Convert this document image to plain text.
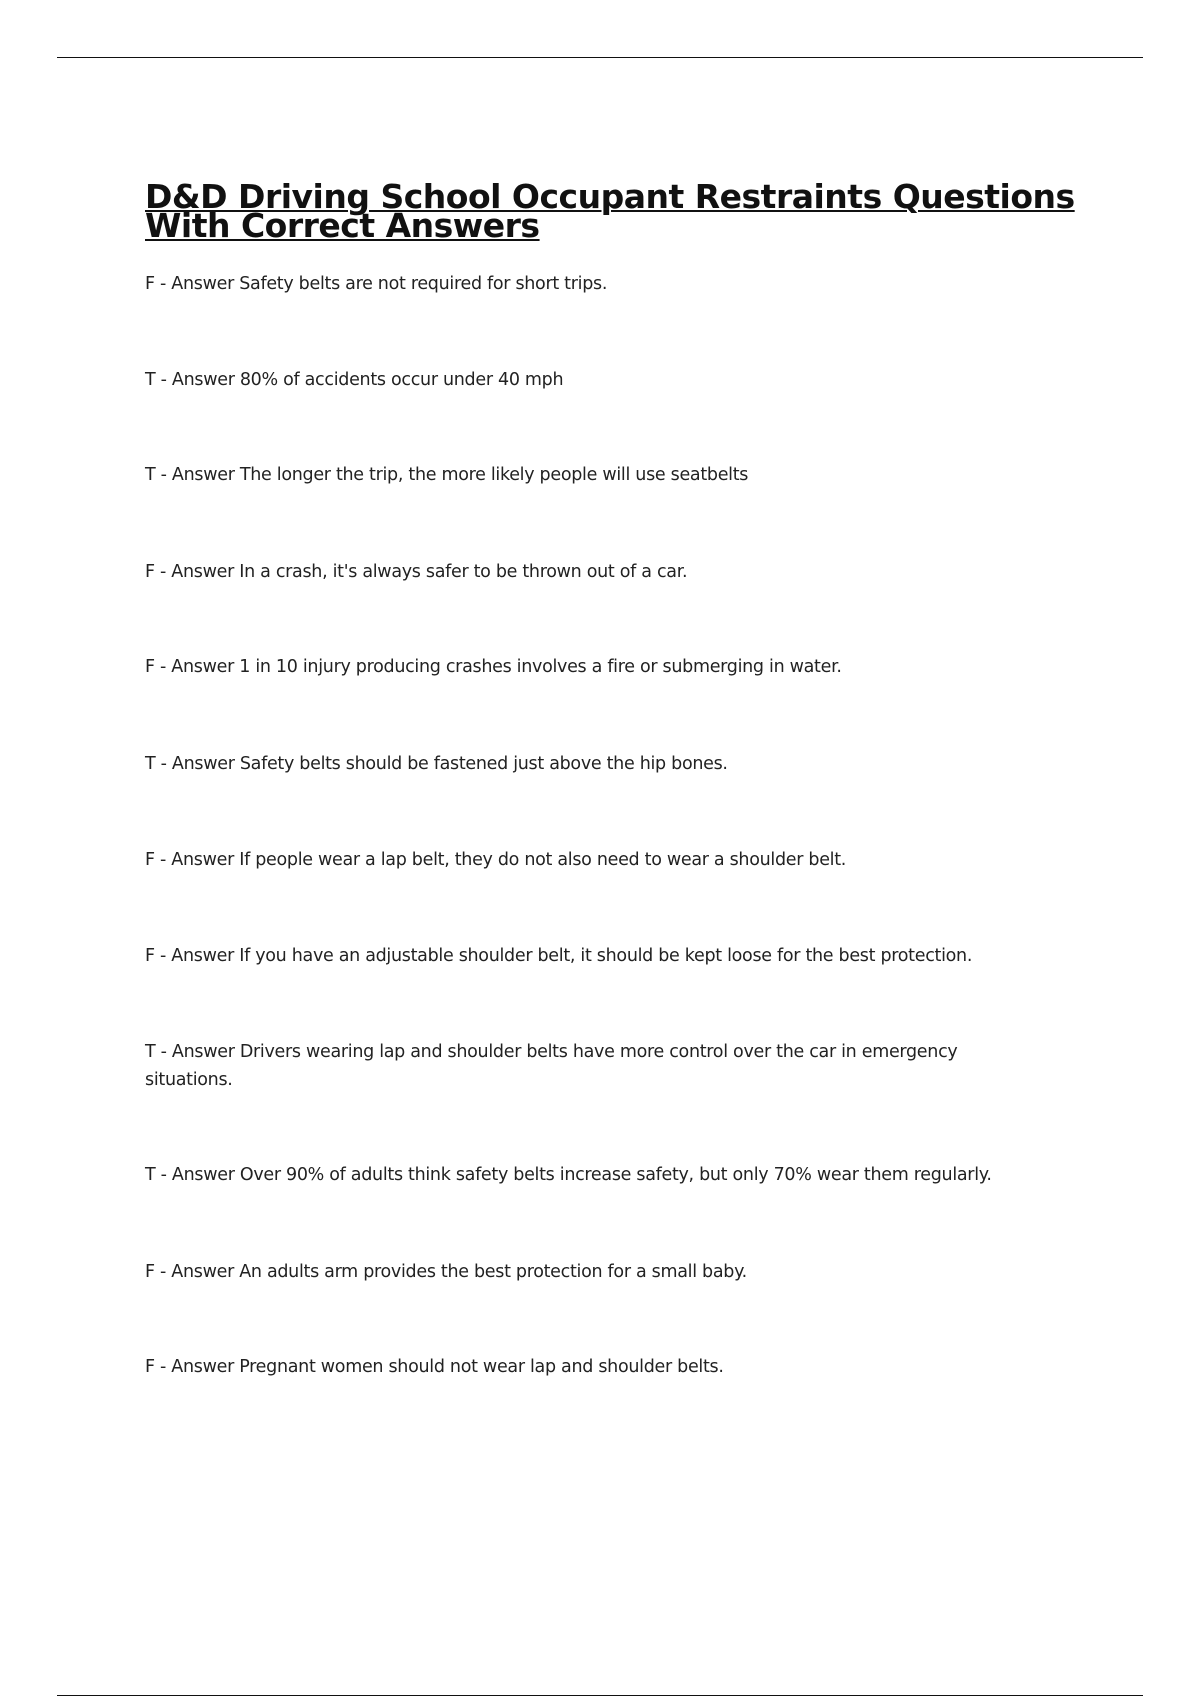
D&D Driving School Occupant Restraints Questions With Correct Answers

F - Answer Safety belts are not required for short trips.

T - Answer 80% of accidents occur under 40 mph

T - Answer The longer the trip, the more likely people will use seatbelts

F - Answer In a crash, it's always safer to be thrown out of a car.

F - Answer 1 in 10 injury producing crashes involves a fire or submerging in water.

T - Answer Safety belts should be fastened just above the hip bones.

F - Answer If people wear a lap belt, they do not also need to wear a shoulder belt.

F - Answer If you have an adjustable shoulder belt, it should be kept loose for the best protection.

T - Answer Drivers wearing lap and shoulder belts have more control over the car in emergency situations.

T - Answer Over 90% of adults think safety belts increase safety, but only 70% wear them regularly.

F - Answer An adults arm provides the best protection for a small baby.

F - Answer Pregnant women should not wear lap and shoulder belts.
